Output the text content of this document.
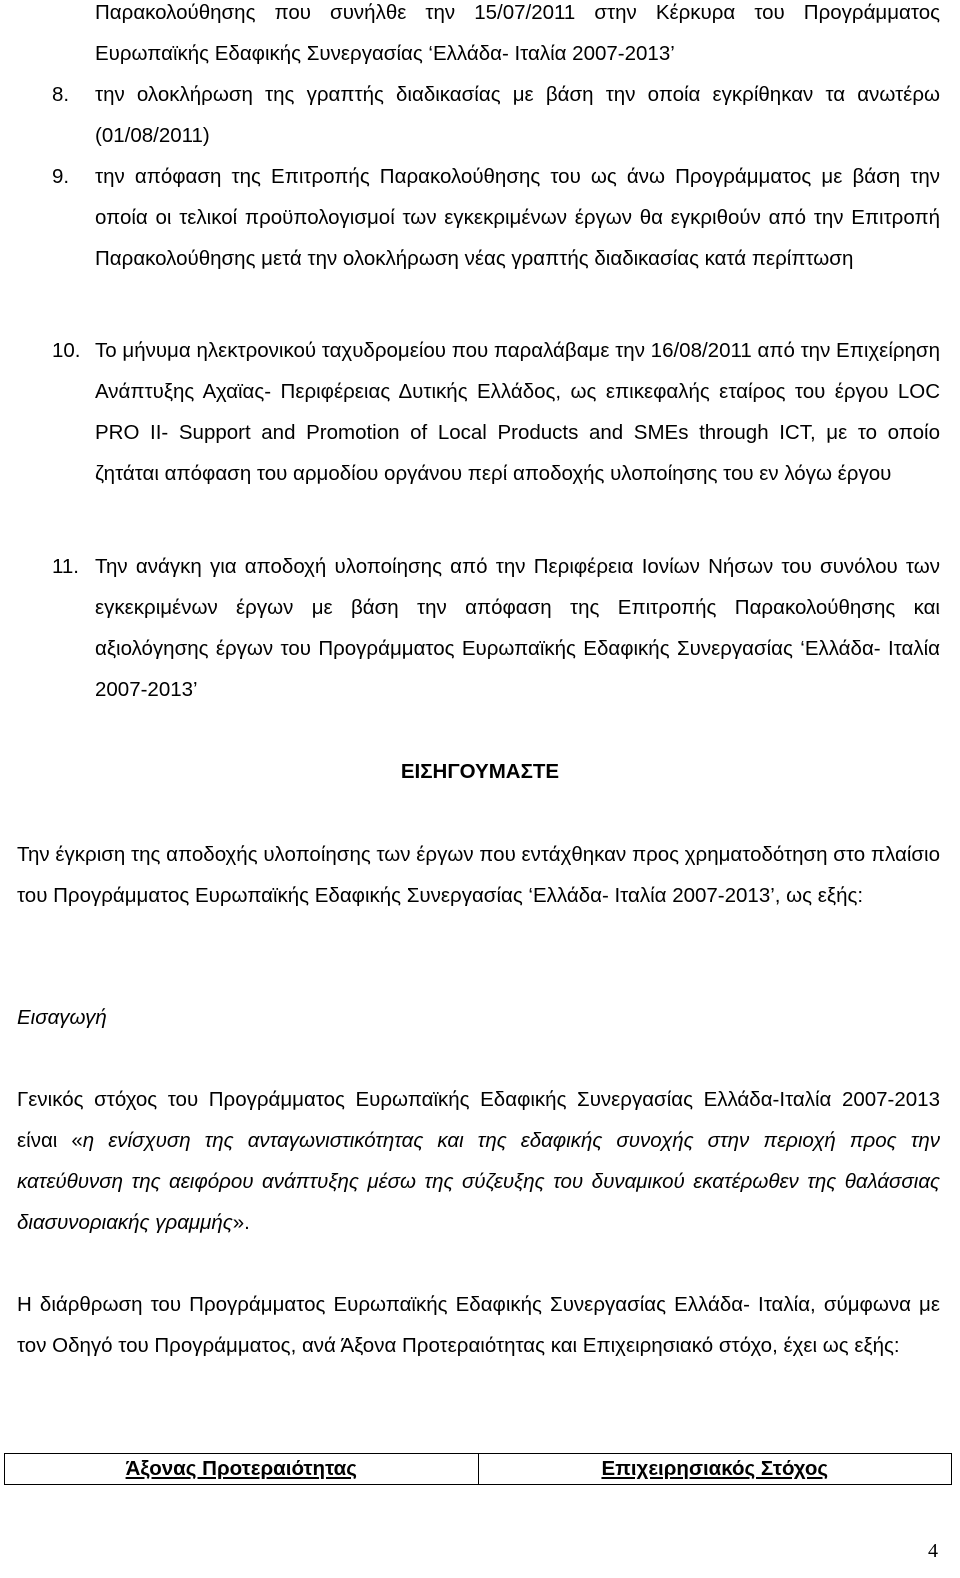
Παρακολούθησης που συνήλθε την 15/07/2011 στην Κέρκυρα του Προγράμματος Ευρωπαϊκής Εδαφικής Συνεργασίας ‘Ελλάδα- Ιταλία 2007-2013’

8.	την ολοκλήρωση της γραπτής διαδικασίας με βάση την οποία εγκρίθηκαν τα ανωτέρω (01/08/2011)
9.	την απόφαση της Επιτροπής Παρακολούθησης του ως άνω Προγράμματος με βάση την οποία οι τελικοί προϋπολογισμοί των εγκεκριμένων έργων θα εγκριθούν από την Επιτροπή Παρακολούθησης μετά την ολοκλήρωση νέας γραπτής διαδικασίας κατά περίπτωση
10. Το μήνυμα ηλεκτρονικού ταχυδρομείου που παραλάβαμε την 16/08/2011 από την Επιχείρηση Ανάπτυξης Αχαϊας- Περιφέρειας Δυτικής Ελλάδος, ως επικεφαλής εταίρος του έργου LOC PRO II- Support and Promotion of Local Products and SMEs through ICT, με το οποίο ζητάται απόφαση του αρμοδίου οργάνου περί αποδοχής υλοποίησης του εν λόγω έργου
11. Την ανάγκη για αποδοχή υλοποίησης από την Περιφέρεια Ιονίων Νήσων του συνόλου των εγκεκριμένων έργων με βάση την απόφαση της Επιτροπής Παρακολούθησης και αξιολόγησης έργων του Προγράμματος Ευρωπαϊκής Εδαφικής Συνεργασίας ‘Ελλάδα- Ιταλία 2007-2013’
ΕΙΣΗΓΟΥΜΑΣΤΕ

Την έγκριση της αποδοχής υλοποίησης των έργων που εντάχθηκαν προς χρηματοδότηση στο πλαίσιο του Προγράμματος Ευρωπαϊκής Εδαφικής Συνεργασίας ‘Ελλάδα- Ιταλία 2007-2013’, ως εξής:

Εισαγωγή

Γενικός στόχος του Προγράμματος Ευρωπαϊκής Εδαφικής Συνεργασίας Ελλάδα-Ιταλία 2007-2013 είναι «η ενίσχυση της ανταγωνιστικότητας και της εδαφικής συνοχής στην περιοχή προς την κατεύθυνση της αειφόρου ανάπτυξης μέσω της σύζευξης του δυναμικού εκατέρωθεν της θαλάσσιας διασυνοριακής γραμμής».

Η διάρθρωση του Προγράμματος Ευρωπαϊκής Εδαφικής Συνεργασίας Ελλάδα- Ιταλία, σύμφωνα με τον Οδηγό του Προγράμματος, ανά Άξονα Προτεραιότητας και Επιχειρησιακό στόχο, έχει ως εξής:

Άξονας Προτεραιότητας	Επιχειρησιακός Στόχος
4
